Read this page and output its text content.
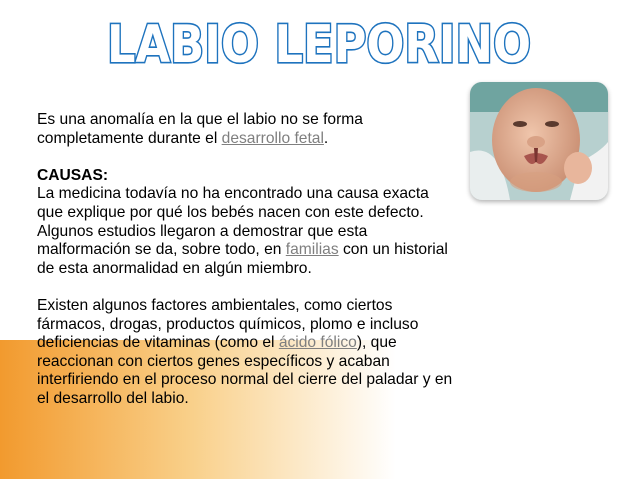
LABIO LEPORINO

Es una anomalía en la que el labio no se forma completamente durante el desarrollo fetal.

CAUSAS:

La medicina todavía no ha encontrado una causa exacta que explique por qué los bebés nacen con este defecto. Algunos estudios llegaron a demostrar que esta malformación se da, sobre todo, en familias con un historial de esta anormalidad en algún miembro.

Existen algunos factores ambientales, como ciertos fármacos, drogas, productos químicos, plomo e incluso deficiencias de vitaminas (como el ácido fólico), que reaccionan con ciertos genes específicos y acaban interfiriendo en el proceso normal del cierre del paladar y en el desarrollo del labio.
